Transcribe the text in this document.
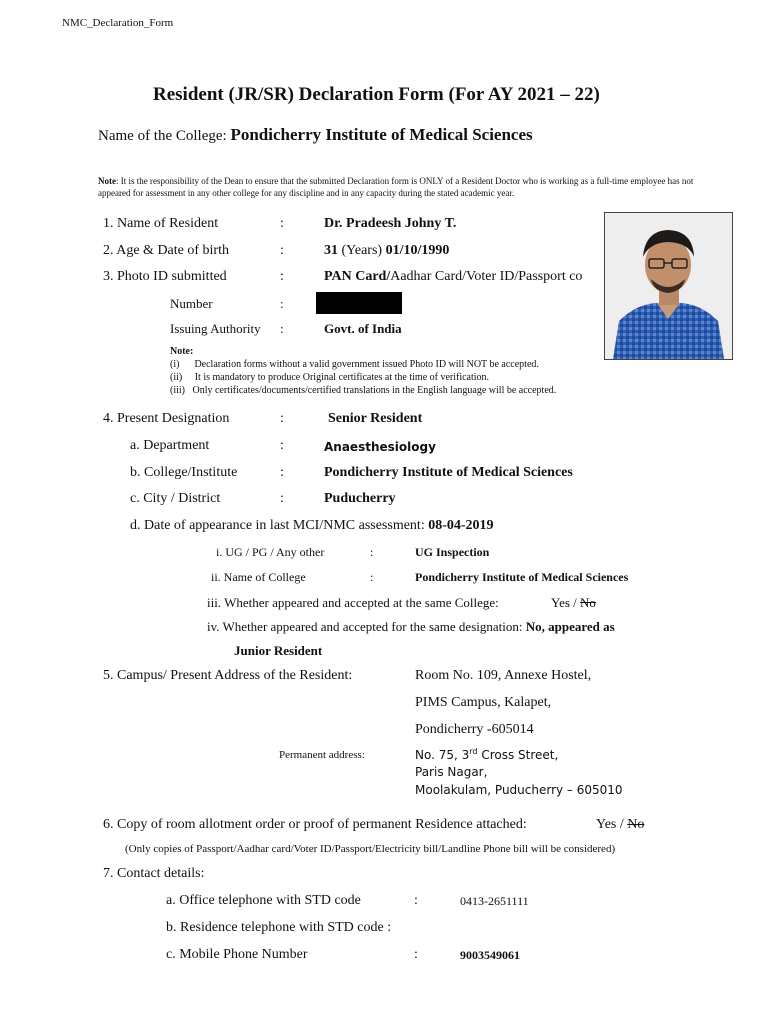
NMC_Declaration_Form
Resident (JR/SR) Declaration Form (For AY 2021 – 22)
Name of the College: Pondicherry Institute of Medical Sciences
Note: It is the responsibility of the Dean to ensure that the submitted Declaration form is ONLY of a Resident Doctor who is working as a full-time employee has not appeared for assessment in any other college for any discipline and in any capacity during the stated academic year.
1. Name of Resident	:	Dr. Pradeesh Johny T.
2. Age & Date of birth	:	31 (Years) 01/10/1990
3. Photo ID submitted	:	PAN Card/Aadhar Card/Voter ID/Passport co
Number	:
Issuing Authority :	Govt. of India
Note:
(i)      Declaration forms without a valid government issued Photo ID will NOT be accepted.
(ii)     It is mandatory to produce Original certificates at the time of verification.
(iii)   Only certificates/documents/certified translations in the English language will be accepted.
4. Present Designation	:	Senior Resident
a. Department	:	Anaesthesiology
b. College/Institute	:	Pondicherry Institute of Medical Sciences
c. City / District	:	Puducherry
d. Date of appearance in last MCI/NMC assessment: 08-04-2019
i. UG / PG / Any other	:	UG Inspection
ii. Name of College	:	Pondicherry Institute of Medical Sciences
iii. Whether appeared and accepted at the same College:	Yes / No
iv. Whether appeared and accepted for the same designation: No, appeared as
Junior Resident
5. Campus/ Present Address of the Resident:	Room No. 109, Annexe Hostel,
PIMS Campus, Kalapet,
Pondicherry -605014
Permanent address:	No. 75, 3rd Cross Street,
Paris Nagar,
Moolakulam, Puducherry – 605010
6. Copy of room allotment order or proof of permanent Residence attached:	Yes / No
(Only copies of Passport/Aadhar card/Voter ID/Passport/Electricity bill/Landline Phone bill will be considered)
7. Contact details:
a. Office telephone with STD code	:	0413-2651111
b. Residence telephone with STD code :
c. Mobile Phone Number	:	9003549061
